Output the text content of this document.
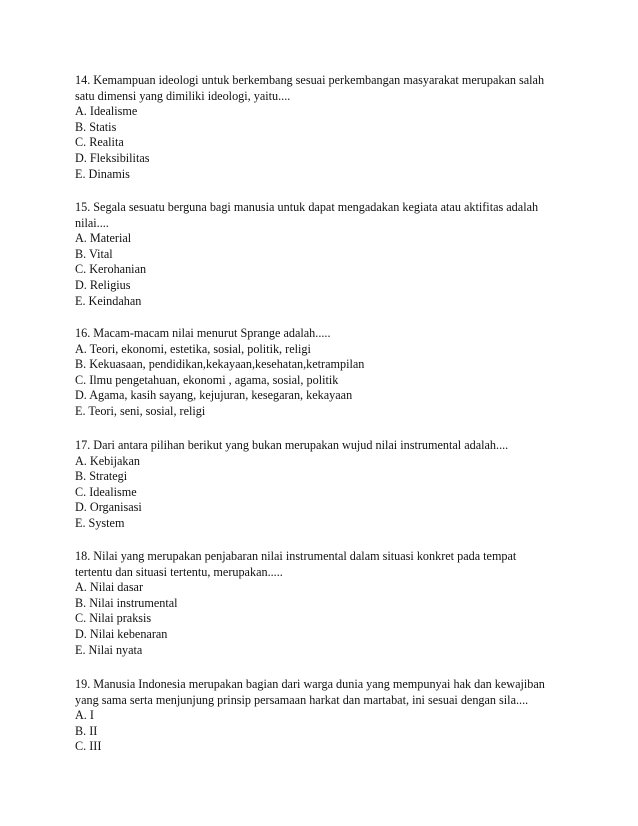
14. Kemampuan ideologi untuk berkembang sesuai perkembangan masyarakat merupakan salah
satu dimensi yang dimiliki ideologi, yaitu....

A. Idealisme

B. Statis

C. Realita

D. Fleksibilitas

E. Dinamis

15. Segala sesuatu berguna bagi manusia untuk dapat mengadakan kegiata atau aktifitas adalah
nilai....

A. Material

B. Vital

C. Kerohanian

D. Religius

E. Keindahan

16. Macam-macam nilai menurut Sprange adalah.....

A. Teori, ekonomi, estetika, sosial, politik, religi

B. Kekuasaan, pendidikan,kekayaan,kesehatan,ketrampilan

C. Ilmu pengetahuan, ekonomi , agama, sosial, politik

D. Agama, kasih sayang, kejujuran, kesegaran, kekayaan

E. Teori, seni, sosial, religi

17. Dari antara pilihan berikut yang bukan merupakan wujud nilai instrumental adalah....

A. Kebijakan

B. Strategi

C. Idealisme

D. Organisasi

E. System

18. Nilai yang merupakan penjabaran nilai instrumental dalam situasi konkret pada tempat
tertentu dan situasi tertentu, merupakan.....

A. Nilai dasar

B. Nilai instrumental

C. Nilai praksis

D. Nilai kebenaran

E. Nilai nyata

19. Manusia Indonesia merupakan bagian dari warga dunia yang mempunyai hak dan kewajiban
yang sama serta menjunjung prinsip persamaan harkat dan martabat, ini sesuai dengan sila....

A. I

B. II

C. III
